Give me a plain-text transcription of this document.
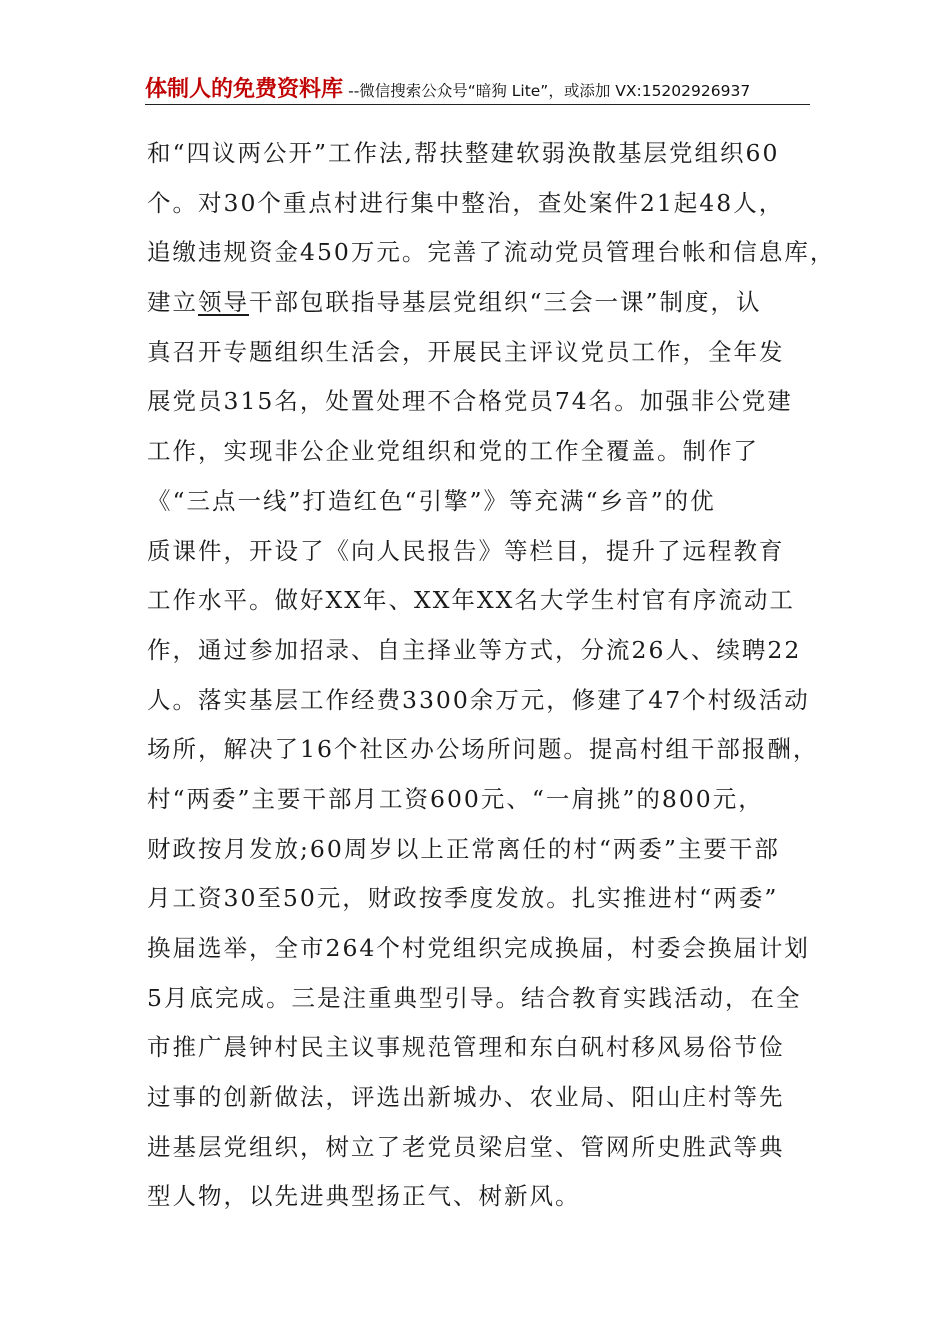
体制人的免费资料库 --微信搜索公众号“暗狗 Lite”，或添加 VX:15202926937
和“四议两公开”工作法,帮扶整建软弱涣散基层党组织60
个。对30个重点村进行集中整治，查处案件21起48人，
追缴违规资金450万元。完善了流动党员管理台帐和信息库，
建立领导干部包联指导基层党组织“三会一课”制度，认
真召开专题组织生活会，开展民主评议党员工作，全年发
展党员315名，处置处理不合格党员74名。加强非公党建
工作，实现非公企业党组织和党的工作全覆盖。制作了
《“三点一线”打造红色“引擎”》等充满“乡音”的优
质课件，开设了《向人民报告》等栏目，提升了远程教育
工作水平。做好XX年、XX年XX名大学生村官有序流动工
作，通过参加招录、自主择业等方式，分流26人、续聘22
人。落实基层工作经费3300余万元，修建了47个村级活动
场所，解决了16个社区办公场所问题。提高村组干部报酬，
村“两委”主要干部月工资600元、“一肩挑”的800元，
财政按月发放;60周岁以上正常离任的村“两委”主要干部
月工资30至50元，财政按季度发放。扎实推进村“两委”
换届选举，全市264个村党组织完成换届，村委会换届计划
5月底完成。三是注重典型引导。结合教育实践活动，在全
市推广晨钟村民主议事规范管理和东白矾村移风易俗节俭
过事的创新做法，评选出新城办、农业局、阳山庄村等先
进基层党组织，树立了老党员梁启堂、管网所史胜武等典
型人物，以先进典型扬正气、树新风。
